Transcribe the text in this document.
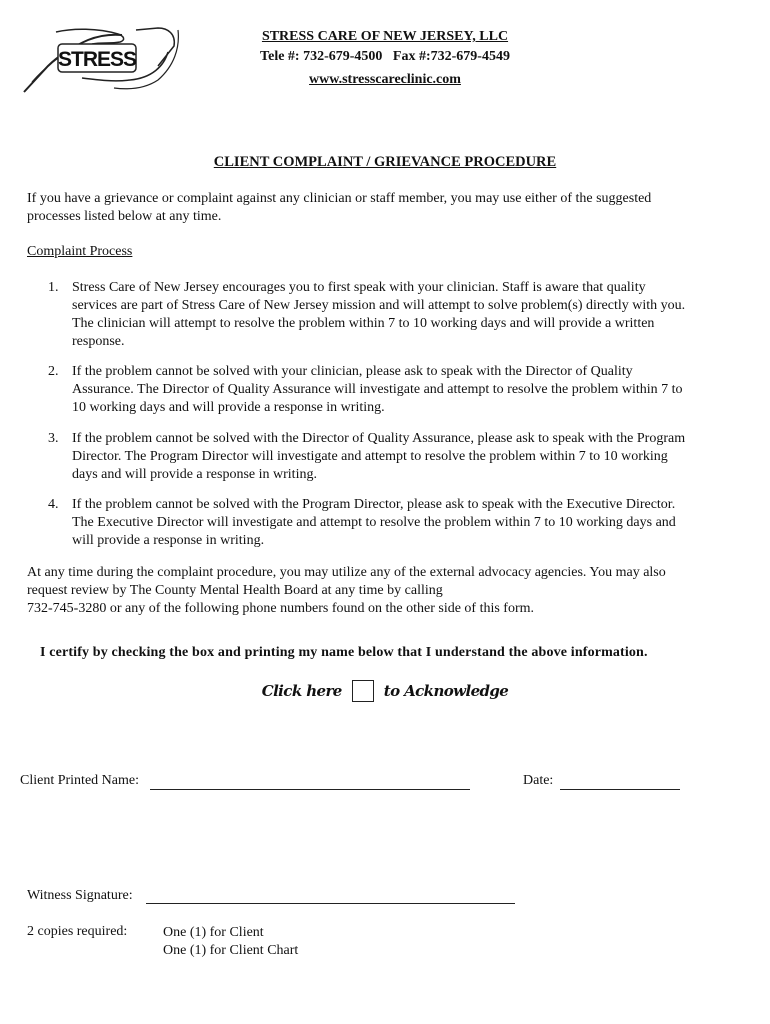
STRESS
STRESS CARE OF NEW JERSEY, LLC
Tele #: 732-679-4500   Fax #:732-679-4549
www.stresscareclinic.com
CLIENT COMPLAINT / GRIEVANCE PROCEDURE
If you have a grievance or complaint against any clinician or staff member, you may use either of the suggested
processes listed below at any time.
Complaint Process
1. Stress Care of New Jersey encourages you to first speak with your clinician. Staff is aware that quality
services are part of Stress Care of New Jersey mission and will attempt to solve problem(s) directly with you.
The clinician will attempt to resolve the problem within 7 to 10 working days and will provide a written
response.
2. If the problem cannot be solved with your clinician, please ask to speak with the Director of Quality
Assurance. The Director of Quality Assurance will investigate and attempt to resolve the problem within 7 to
10 working days and will provide a response in writing.
3. If the problem cannot be solved with the Director of Quality Assurance, please ask to speak with the Program
Director. The Program Director will investigate and attempt to resolve the problem within 7 to 10 working
days and will provide a response in writing.
4. If the problem cannot be solved with the Program Director, please ask to speak with the Executive Director.
The Executive Director will investigate and attempt to resolve the problem within 7 to 10 working days and
will provide a response in writing.
At any time during the complaint procedure, you may utilize any of the external advocacy agencies. You may also
request review by The County Mental Health Board at any time by calling
732-745-3280 or any of the following phone numbers found on the other side of this form.
I certify by checking the box and printing my name below that I understand the above information.
Click here	to Acknowledge
Client Printed Name:	Date:
Witness Signature:
2 copies required:	One (1) for Client
One (1) for Client Chart
